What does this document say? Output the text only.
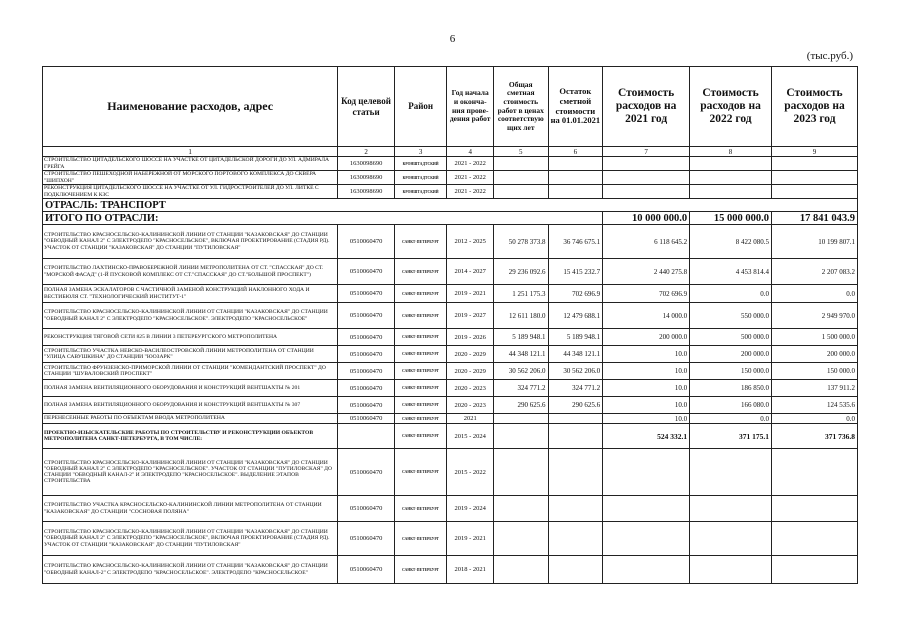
6
(тыс.руб.)
Наименование расходов, адрес	Код целевой статьи	Район	Год начала и оконча-ния прове-дения работ	Общая сметная стоимость работ в ценах соответствую щих лет	Остаток сметной стоимости на 01.01.2021	Стоимость расходов на 2021 год	Стоимость расходов на 2022 год	Стоимость расходов на 2023 год
1	2	3	4	5	6	7	8	9
СТРОИТЕЛЬСТВО ЦИТАДЕЛЬСКОГО ШОССЕ НА УЧАСТКЕ ОТ ЦИТАДЕЛЬСКОЙ ДОРОГИ ДО УЛ. АДМИРАЛА ГРЕЙГА	1630098690	КРОНШТАДТСКИЙ	2021 - 2022					
СТРОИТЕЛЬСТВО ПЕШЕХОДНОЙ НАБЕРЕЖНОЙ ОТ МОРСКОГО ПОРТОВОГО КОМПЛЕКСА ДО СКВЕРА "ШИПХОН"	1630098690	КРОНШТАДТСКИЙ	2021 - 2022					
РЕКОНСТРУКЦИЯ ЦИТАДЕЛЬСКОГО ШОССЕ НА УЧАСТКЕ ОТ УЛ. ГИДРОСТРОИТЕЛЕЙ ДО УЛ. ЛИТКЕ С ПОДКЛЮЧЕНИЕМ К КЗС	1630098690	КРОНШТАДТСКИЙ	2021 - 2022					
ОТРАСЛЬ: ТРАНСПОРТ								
ИТОГО ПО ОТРАСЛИ:						10 000 000.0	15 000 000.0	17 841 043.9
СТРОИТЕЛЬСТВО КРАСНОСЕЛЬСКО-КАЛИНИНСКОЙ ЛИНИИ ОТ СТАНЦИИ "КАЗАКОВСКАЯ" ДО СТАНЦИИ "ОБВОДНЫЙ КАНАЛ 2" С ЭЛЕКТРОДЕПО "КРАСНОСЕЛЬСКОЕ", ВКЛЮЧАЯ ПРОЕКТИРОВАНИЕ (СТАДИЯ РД). УЧАСТОК ОТ СТАНЦИИ "КАЗАКОВСКАЯ" ДО СТАНЦИИ "ПУТИЛОВСКАЯ"	0510060470	САНКТ-ПЕТЕРБУРГ	2012 - 2025	50 278 373.8	36 746 675.1	6 118 645.2	8 422 080.5	10 199 807.1
СТРОИТЕЛЬСТВО ЛАХТИНСКО-ПРАВОБЕРЕЖНОЙ ЛИНИИ МЕТРОПОЛИТЕНА ОТ СТ. "СПАССКАЯ" ДО СТ. "МОРСКОЙ ФАСАД" (1-Й ПУСКОВОЙ КОМПЛЕКС ОТ СТ."СПАССКАЯ" ДО СТ."БОЛЬШОЙ ПРОСПЕКТ")	0510060470	САНКТ-ПЕТЕРБУРГ	2014 - 2027	29 236 092.6	15 415 232.7	2 440 275.8	4 453 814.4	2 207 083.2
ПОЛНАЯ ЗАМЕНА ЭСКАЛАТОРОВ С ЧАСТИЧНОЙ ЗАМЕНОЙ КОНСТРУКЦИЙ НАКЛОННОГО ХОДА И ВЕСТИБЮЛЯ СТ. "ТЕХНОЛОГИЧЕСКИЙ ИНСТИТУТ-1"	0510060470	САНКТ-ПЕТЕРБУРГ	2019 - 2021	1 251 175.3	702 696.9	702 696.9	0.0	0.0
СТРОИТЕЛЬСТВО КРАСНОСЕЛЬСКО-КАЛИНИНСКОЙ ЛИНИИ ОТ СТАНЦИИ "КАЗАКОВСКАЯ" ДО СТАНЦИИ "ОБВОДНЫЙ КАНАЛ 2" С ЭЛЕКТРОДЕПО "КРАСНОСЕЛЬСКОЕ". ЭЛЕКТРОДЕПО "КРАСНОСЕЛЬСКОЕ"	0510060470	САНКТ-ПЕТЕРБУРГ	2019 - 2027	12 611 180.0	12 479 688.1	14 000.0	550 000.0	2 949 970.0
РЕКОНСТРУКЦИЯ ТЯГОВОЙ СЕТИ 825 В ЛИНИИ 3 ПЕТЕРБУРГСКОГО МЕТРОПОЛИТЕНА	0510060470	САНКТ-ПЕТЕРБУРГ	2019 - 2026	5 189 948.1	5 189 948.1	200 000.0	500 000.0	1 500 000.0
СТРОИТЕЛЬСТВО УЧАСТКА НЕВСКО-ВАСИЛЕОСТРОВСКОЙ ЛИНИИ МЕТРОПОЛИТЕНА ОТ СТАНЦИИ "УЛИЦА САВУШКИНА" ДО СТАНЦИИ "ЮОЗАРК"	0510060470	САНКТ-ПЕТЕРБУРГ	2020 - 2029	44 348 121.1	44 348 121.1	10.0	200 000.0	200 000.0
СТРОИТЕЛЬСТВО ФРУНЗЕНСКО-ПРИМОРСКОЙ ЛИНИИ ОТ СТАНЦИИ "КОМЕНДАНТСКИЙ ПРОСПЕКТ" ДО СТАНЦИИ "ШУВАЛОВСКИЙ ПРОСПЕКТ"	0510060470	САНКТ-ПЕТЕРБУРГ	2020 - 2029	30 562 206.0	30 562 206.0	10.0	150 000.0	150 000.0
ПОЛНАЯ ЗАМЕНА ВЕНТИЛЯЦИОННОГО ОБОРУДОВАНИЯ И КОНСТРУКЦИЙ ВЕНТШАХТЫ № 201	0510060470	САНКТ-ПЕТЕРБУРГ	2020 - 2023	324 771.2	324 771.2	10.0	186 850.0	137 911.2
ПОЛНАЯ ЗАМЕНА ВЕНТИЛЯЦИОННОГО ОБОРУДОВАНИЯ И КОНСТРУКЦИЙ ВЕНТШАХТЫ № 307	0510060470	САНКТ-ПЕТЕРБУРГ	2020 - 2023	290 625.6	290 625.6	10.0	166 080.0	124 535.6
ПЕРЕНЕСЕННЫЕ РАБОТЫ ПО ОБЪЕКТАМ ВВОДА МЕТРОПОЛИТЕНА	0510060470	САНКТ-ПЕТЕРБУРГ	2021			10.0	0.0	0.0
ПРОЕКТНО-ИЗЫСКАТЕЛЬСКИЕ РАБОТЫ ПО СТРОИТЕЛЬСТВУ И РЕКОНСТРУКЦИИ ОБЪЕКТОВ МЕТРОПОЛИТЕНА САНКТ-ПЕТЕРБУРГА, В ТОМ ЧИСЛЕ:		САНКТ-ПЕТЕРБУРГ	2015 - 2024			524 332.1	371 175.1	371 736.8
СТРОИТЕЛЬСТВО КРАСНОСЕЛЬСКО-КАЛИНИНСКОЙ ЛИНИИ ОТ СТАНЦИИ "КАЗАКОВСКАЯ" ДО СТАНЦИИ "ОБВОДНЫЙ КАНАЛ 2" С ЭЛЕКТРОДЕПО "КРАСНОСЕЛЬСКОЕ". УЧАСТОК ОТ СТАНЦИИ "ПУТИЛОВСКАЯ" ДО СТАНЦИИ "ОБВОДНЫЙ КАНАЛ-2" И ЭЛЕКТРОДЕПО "КРАСНОСЕЛЬСКОЕ". ВЫДЕЛЕНИЕ ЭТАПОВ СТРОИТЕЛЬСТВА	0510060470	САНКТ-ПЕТЕРБУРГ	2015 - 2022					
СТРОИТЕЛЬСТВО УЧАСТКА КРАСНОСЕЛЬСКО-КАЛИНИНСКОЙ ЛИНИИ МЕТРОПОЛИТЕНА ОТ СТАНЦИИ "КАЗАКОВСКАЯ" ДО СТАНЦИИ "СОСНОВАЯ ПОЛЯНА"	0510060470	САНКТ-ПЕТЕРБУРГ	2019 - 2024					
СТРОИТЕЛЬСТВО КРАСНОСЕЛЬСКО-КАЛИНИНСКОЙ ЛИНИИ ОТ СТАНЦИИ "КАЗАКОВСКАЯ" ДО СТАНЦИИ "ОБВОДНЫЙ КАНАЛ 2" С ЭЛЕКТРОДЕПО "КРАСНОСЕЛЬСКОЕ", ВКЛЮЧАЯ ПРОЕКТИРОВАНИЕ (СТАДИЯ РД). УЧАСТОК ОТ СТАНЦИИ "КАЗАКОВСКАЯ" ДО СТАНЦИИ "ПУТИЛОВСКАЯ"	0510060470	САНКТ-ПЕТЕРБУРГ	2019 - 2021					
СТРОИТЕЛЬСТВО КРАСНОСЕЛЬСКО-КАЛИНИНСКОЙ ЛИНИИ ОТ СТАНЦИИ "КАЗАКОВСКАЯ" ДО СТАНЦИИ "ОБВОДНЫЙ КАНАЛ-2" С ЭЛЕКТРОДЕПО "КРАСНОСЕЛЬСКОЕ". ЭЛЕКТРОДЕПО "КРАСНОСЕЛЬСКОЕ"	0510060470	САНКТ-ПЕТЕРБУРГ	2018 - 2021					
